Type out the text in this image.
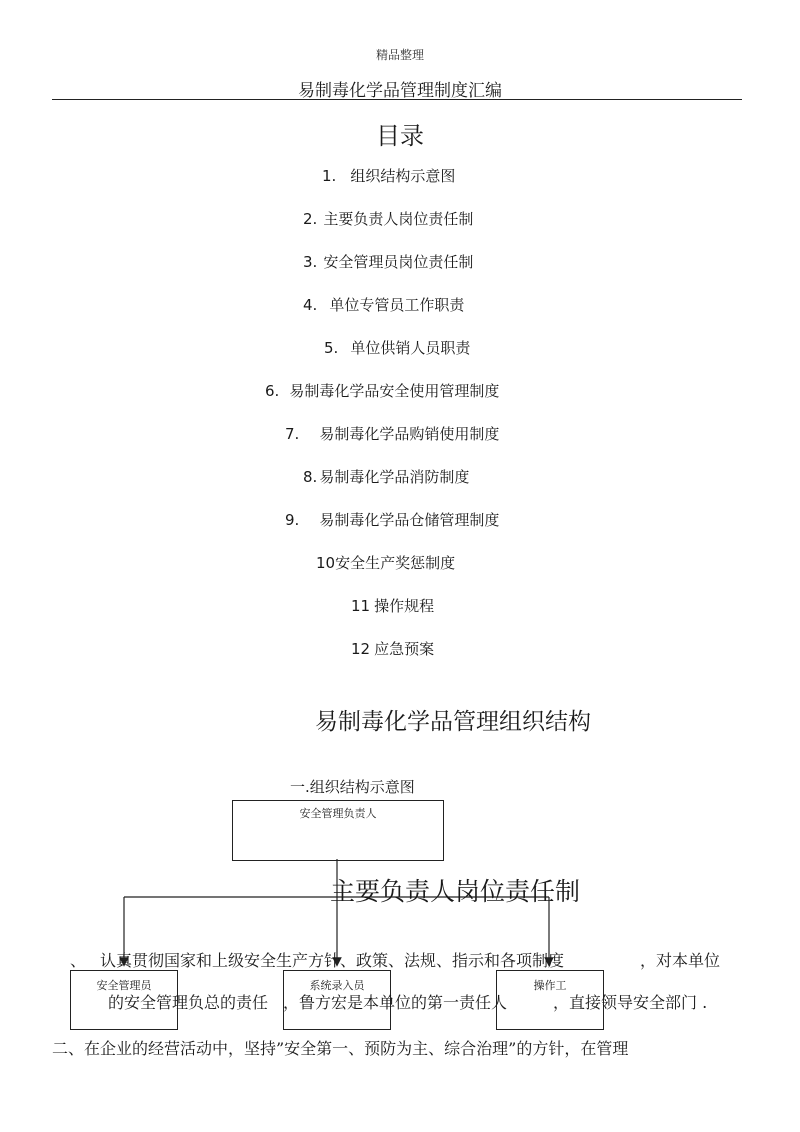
精品整理
易制毒化学品管理制度汇编
目录
1. 组织结构示意图
2. 主要负责人岗位责任制
3. 安全管理员岗位责任制
4. 单位专管员工作职责
5. 单位供销人员职责
6. 易制毒化学品安全使用管理制度
7. 易制毒化学品购销使用制度
8. 易制毒化学品消防制度
9. 易制毒化学品仓储管理制度
10安全生产奖惩制度
11 操作规程
12 应急预案
易制毒化学品管理组织结构
一.组织结构示意图
安全管理负责人
安全管理员	系统录入员	操作工
主要负责人岗位责任制
、 认真贯彻国家和上级安全生产方针、政策、法规、指示和各项制度	，对本单位
的安全管理负总的责任 ，鲁方宏是本单位的第一责任人	，直接领导安全部门 .
二、在企业的经营活动中，坚持”安全第一、预防为主、综合治理”的方针，在管理
